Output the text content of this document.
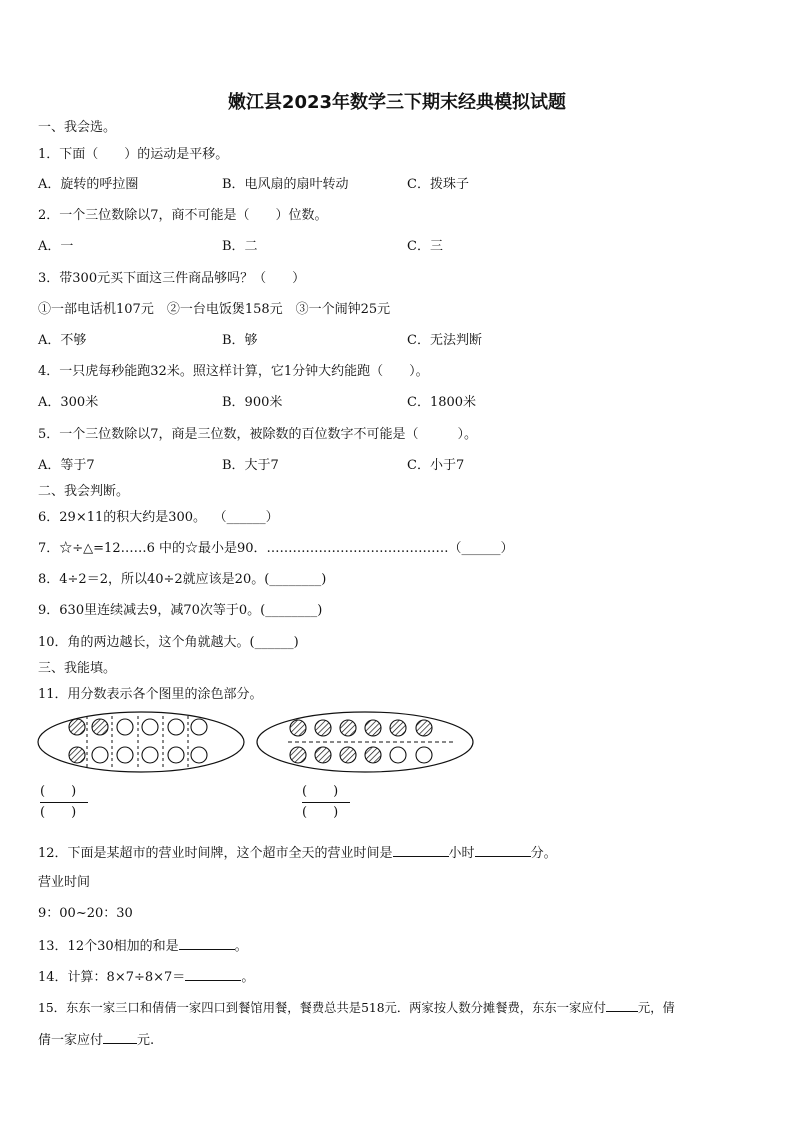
嫩江县2023年数学三下期末经典模拟试题
一、我会选。
1．下面（　　）的运动是平移。
A．旋转的呼拉圈	B．电风扇的扇叶转动	C．拨珠子
2．一个三位数除以7，商不可能是（　　）位数。
A．一	B．二	C．三
3．带300元买下面这三件商品够吗？（　　）
①一部电话机107元　②一台电饭煲158元　③一个闹钟25元
A．不够	B．够	C．无法判断
4．一只虎每秒能跑32米。照这样计算，它1分钟大约能跑（　　）。
A．300米	B．900米	C．1800米
5．一个三位数除以7，商是三位数，被除数的百位数字不可能是（　　　）。
A．等于7	B．大于7	C．小于7
二、我会判断。
6．29×11的积大约是300。 （______）
7．☆÷△=12……6 中的☆最小是90．……………………………………（______）
8．4÷2＝2，所以40÷2就应该是20。(________)
9．630里连续减去9，减70次等于0。(________)
10．角的两边越长，这个角就越大。(______)
三、我能填。
11．用分数表示各个图里的涂色部分。
(　　)
(　　)
(　　)
(　　)
12．下面是某超市的营业时间牌，这个超市全天的营业时间是	小时	分。
营业时间
9：00~20：30
13．12个30相加的和是	。
14．计算：8×7÷8×7＝	。
15．东东一家三口和倩倩一家四口到餐馆用餐，餐费总共是518元．两家按人数分摊餐费，东东一家应付	元，倩
倩一家应付	元.
